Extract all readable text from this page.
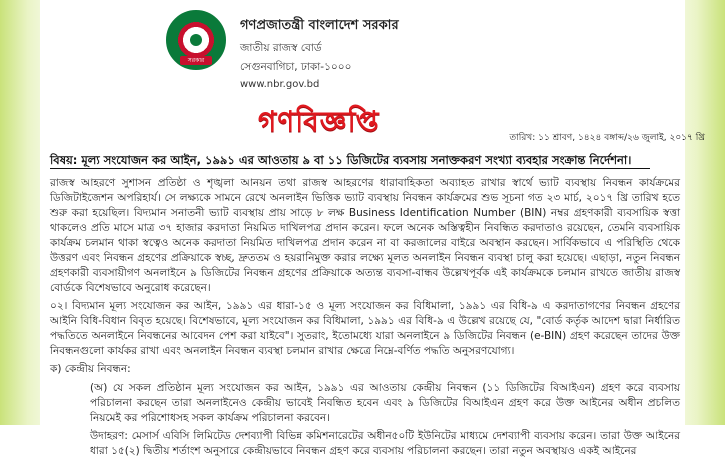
সরকার
গণপ্রজাতন্ত্রী বাংলাদেশ সরকার
জাতীয় রাজস্ব বোর্ড
সেগুনবাগিচা, ঢাকা-১০০০
www.nbr.gov.bd
গণবিজ্ঞপ্তি	তারিখ: ১১ শ্রাবণ, ১৪২৪ বঙ্গাব্দ/২৬ জুলাই, ২০১৭ খ্রি
বিষয়: মূল্য সংযোজন কর আইন, ১৯৯১ এর আওতায় ৯ বা ১১ ডিজিটের ব্যবসায় সনাক্তকরণ সংখ্যা ব্যবহার সংক্রান্ত নির্দেশনা।

রাজস্ব আহরণে সুশাসন প্রতিষ্ঠা ও শৃঙ্খলা আনয়ন তথা রাজস্ব আহরণের ধারাবাহিকতা অব্যাহত রাখার স্বার্থে ভ্যাট ব্যবস্থায় নিবন্ধন কার্যক্রমের ডিজিটাইজেশন অপরিহার্য। সে লক্ষ্যকে সামনে রেখে অনলাইন ভিত্তিক ভ্যাট ব্যবস্থায় নিবন্ধন কার্যক্রমের শুভ সূচনা গত ২৩ মার্চ, ২০১৭ খ্রি তারিখ হতে শুরু করা হয়েছিল। বিদ্যমান সনাতনী ভ্যাট ব্যবস্থায় প্রায় সাড়ে ৮ লক্ষ Business Identification Number (BIN) নম্বর গ্রহণকারী ব্যবসায়িক স্বত্তা থাকলেও প্রতি মাসে মাত্র ৩৭ হাজার করদাতা নিয়মিত দাখিলপত্র প্রদান করেন। ফলে অনেক অস্তিত্বহীন নিবন্ধিত করদাতাও রয়েছেন, তেমনি ব্যবসায়িক কার্যক্রম চলমান থাকা স্বত্বেও অনেক করদাতা নিয়মিত দাখিলপত্র প্রদান করেন না বা করজালের বাইরে অবস্থান করছেন। সার্বিকভাবে এ পরিস্থিতি থেকে উত্তরণ এবং নিবন্ধন গ্রহণের প্রক্রিয়াকে স্বচ্ছ, দ্রুততম ও হয়রানিমুক্ত করার লক্ষ্যে মূলত অনলাইন নিবন্ধন ব্যবস্থা চালু করা হয়েছে। এছাড়া, নতুন নিবন্ধন গ্রহণকারী ব্যবসায়ীগণ অনলাইনে ৯ ডিজিটের নিবন্ধন গ্রহণের প্রক্রিয়াকে অত্যন্ত ব্যবসা-বান্ধব উল্লেখপূর্বক এই কার্যক্রমকে চলমান রাখতে জাতীয় রাজস্ব বোর্ডকে বিশেষভাবে অনুরোধ করেছেন।

০২। বিদ্যমান মূল্য সংযোজন কর আইন, ১৯৯১ এর ধারা-১৫ ও মূল্য সংযোজন কর বিধিমালা, ১৯৯১ এর বিধি-৯ এ করদাতাগণের নিবন্ধন গ্রহণের আইনি বিধি-বিধান বিবৃত হয়েছে। বিশেষভাবে, মূল্য সংযোজন কর বিধিমালা, ১৯৯১ এর বিধি-৯ এ উল্লেখ রয়েছে যে, "বোর্ড কর্তৃক আদেশ দ্বারা নির্ধারিত পদ্ধতিতে অনলাইনে নিবন্ধনের আবেদন পেশ করা যাইবে"। সুতরাং, ইতোমধ্যে যারা অনলাইনে ৯ ডিজিটের নিবন্ধন (e-BIN) গ্রহণ করেছেন তাদের উক্ত নিবন্ধনগুলো কার্যকর রাখা এবং অনলাইন নিবন্ধন ব্যবস্থা চলমান রাখার ক্ষেত্রে নিম্নে-বর্ণিত পদ্ধতি অনুসরণযোগ্য।

ক) কেন্দ্রীয় নিবন্ধন:

(অ) যে সকল প্রতিষ্ঠান মূল্য সংযোজন কর আইন, ১৯৯১ এর আওতায় কেন্দ্রীয় নিবন্ধন (১১ ডিজিটের বিআইএন) গ্রহণ করে ব্যবসায় পরিচালনা করছেন তারা অনলাইনেও কেন্দ্রীয় ভাবেই নিবন্ধিত হবেন এবং ৯ ডিজিটের বিআইএন গ্রহণ করে উক্ত আইনের অধীন প্রচলিত নিয়মেই কর পরিশোধসহ সকল কার্যক্রম পরিচালনা করবেন।

উদাহরণ: মেসার্স এবিসি লিমিটেড দেশব্যাপী বিভিন্ন কমিশনারেটের অধীন৫০টি ইউনিটের মাধ্যমে দেশব্যাপী ব্যবসায় করেন। তারা উক্ত আইনের ধারা ১৫(২) দ্বিতীয় শর্তাংশ অনুসারে কেন্দ্রীয়ভাবে নিবন্ধন গ্রহণ করে ব্যবসায় পরিচালনা করছেন। তারা নতুন অবস্থায়ও একই আইনের
